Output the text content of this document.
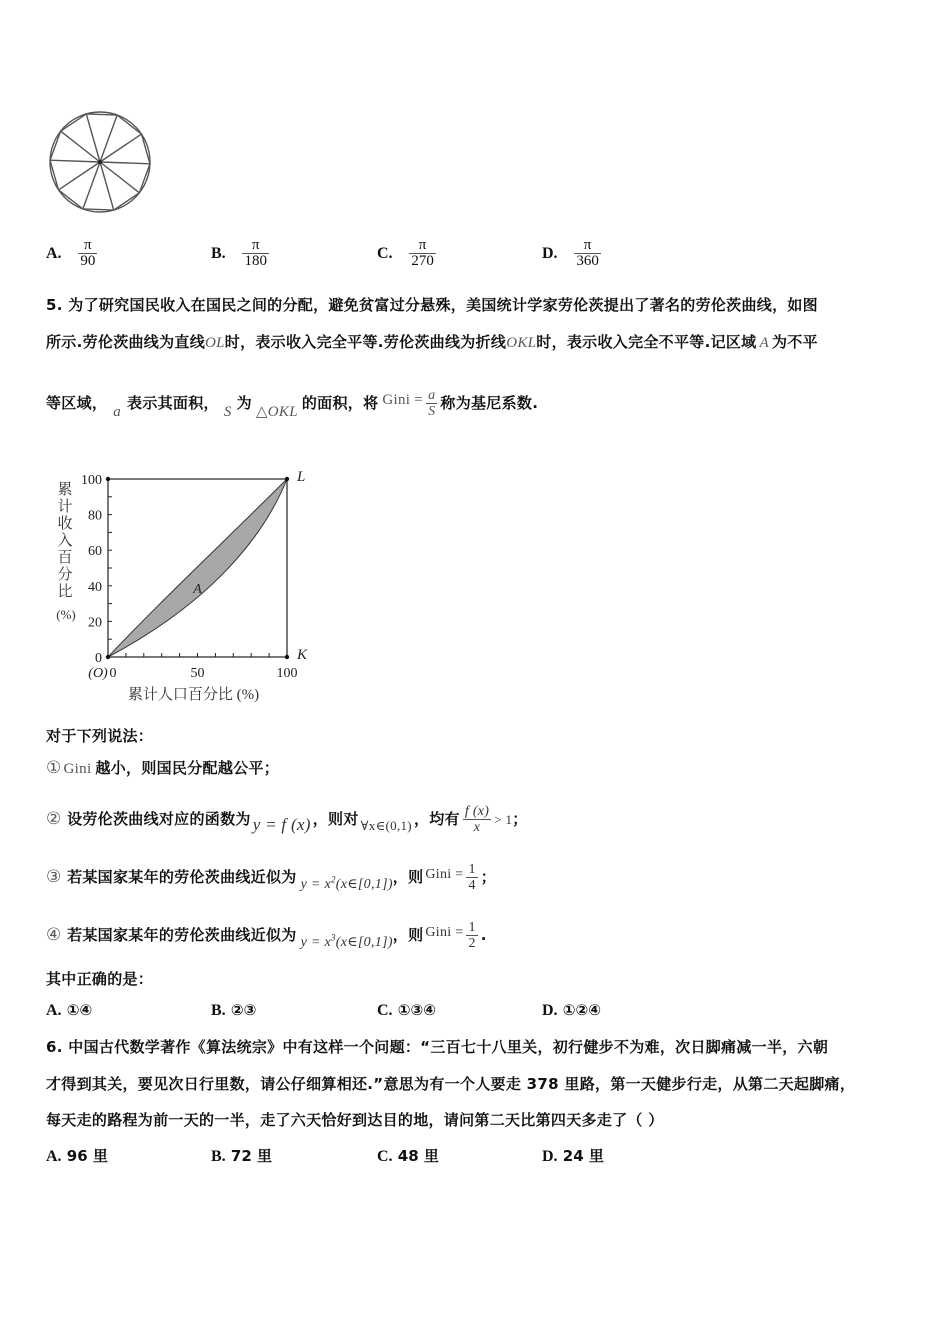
A. $\frac{\pi}{90}$	B. $\frac{\pi}{180}$	C. $\frac{\pi}{270}$	D. $\frac{\pi}{360}$
5. 为了研究国民收入在国民之间的分配，避免贫富过分悬殊，美国统计学家劳伦茨提出了著名的劳伦茨曲线，如图
所示.劳伦茨曲线为直线OL时，表示收入完全平等.劳伦茨曲线为折线OKL时，表示收入完全不平等.记区域 A 为不平
等区域， a 表示其面积， S 为 △OKL 的面积，将 Gini = $\frac{a}{S}$ 称为基尼系数.
0
20
40
60
80
100
0	50	100
(O)
L
K
A
累
计
收
入
百
分
比
(%)
累计人口百分比 (%)
对于下列说法：
① Gini 越小，则国民分配越公平；
② 设劳伦茨曲线对应的函数为 y = f (x) ，则对 ∀x∈(0,1) ，均有 $\frac{f (x)}{x} > 1$；
③ 若某国家某年的劳伦茨曲线近似为 $y = x^2(x\in[0,1])$，则 Gini = $\frac{1}{4}$ ；
④ 若某国家某年的劳伦茨曲线近似为 $y = x^3(x\in[0,1])$，则 Gini = $\frac{1}{2}$ .
其中正确的是：
A. ①④	B. ②③	C. ①③④	D. ①②④
6. 中国古代数学著作《算法统宗》中有这样一个问题：“三百七十八里关，初行健步不为难，次日脚痛减一半，六朝
才得到其关，要见次日行里数，请公仔细算相还.”意思为有一个人要走 378 里路，第一天健步行走，从第二天起脚痛，
每天走的路程为前一天的一半，走了六天恰好到达目的地，请问第二天比第四天多走了（ ）
A. 96 里	B. 72 里	C. 48 里	D. 24 里
